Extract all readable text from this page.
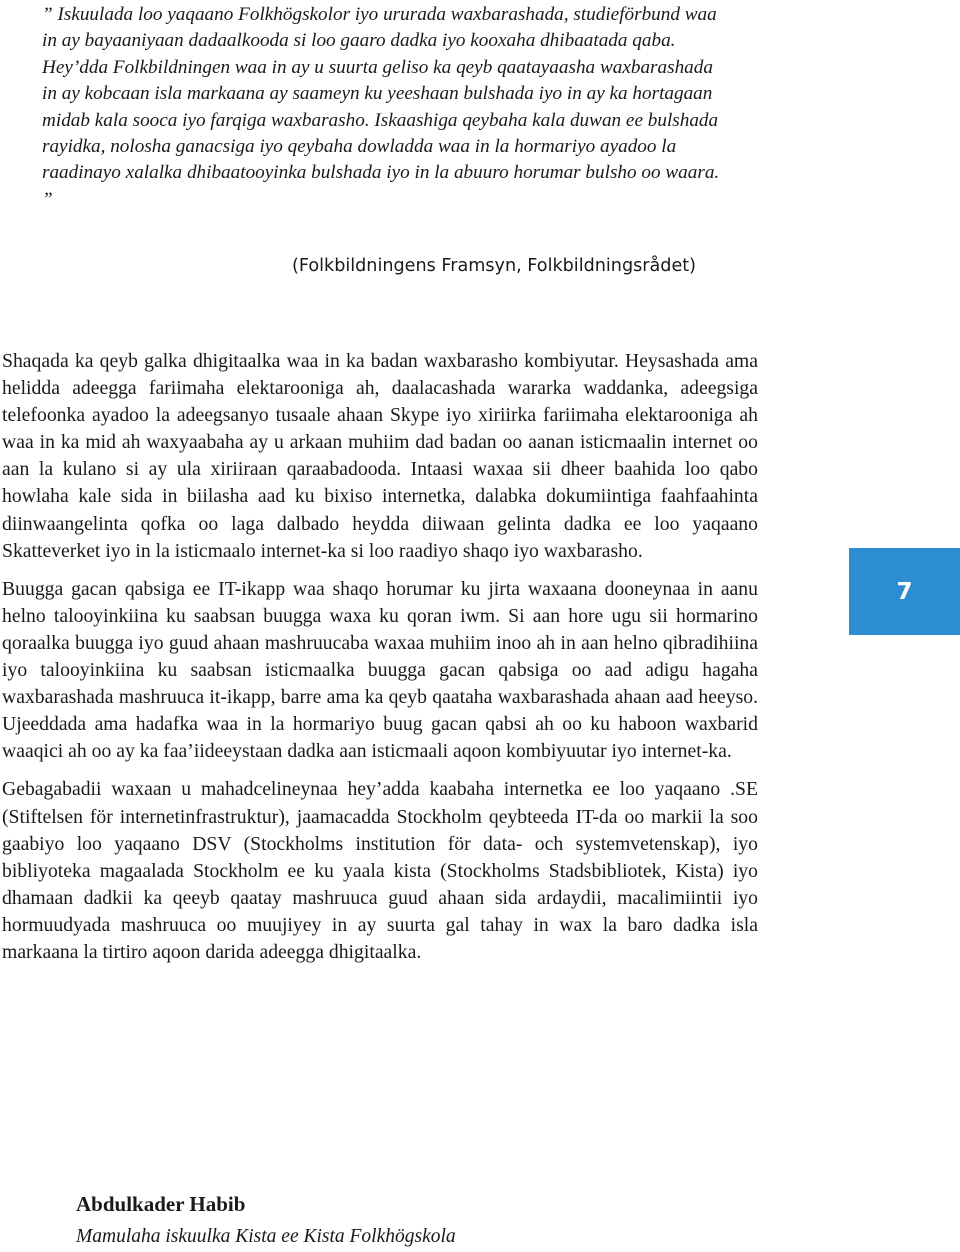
” Iskuulada loo yaqaano Folkhögskolor iyo ururada waxbarashada, studieförbund waa in ay bayaaniyaan dadaalkooda si loo gaaro dadka iyo kooxaha dhibaatada qaba. Hey’dda Folkbildningen waa in ay u suurta geliso ka qeyb qaatayaasha waxbarashada in ay kobcaan isla markaana ay saameyn ku yeeshaan bulshada iyo in ay ka hortagaan midab kala sooca iyo farqiga waxbarasho. Iskaashiga qeybaha kala duwan ee bulshada rayidka, nolosha ganacsiga iyo qeybaha dowladda waa in la hormariyo ayadoo la raadinayo xalalka dhibaatooyinka bulshada iyo in la abuuro horumar bulsho oo waara. ”

(Folkbildningens Framsyn, Folkbildningsrådet)

Shaqada ka qeyb galka dhigitaalka waa in ka badan waxbarasho kombiyutar. Heysashada ama helidda adeegga fariimaha elektarooniga ah, daalacashada wararka waddanka, adeegsiga telefoonka ayadoo la adeegsanyo tusaale ahaan Skype iyo xiriirka fariimaha elektarooniga ah waa in ka mid ah waxyaabaha ay u arkaan muhiim dad badan oo aanan isticmaalin internet oo aan la kulano si ay ula xiriiraan qaraabadooda. Intaasi waxaa sii dheer baahida loo qabo howlaha kale sida in biilasha aad ku bixiso internetka, dalabka dokumiintiga faahfaahinta diinwaangelinta qofka oo laga dalbado heydda diiwaan gelinta dadka ee loo yaqaano Skatteverket iyo in la isticmaalo internet-ka si loo raadiyo shaqo iyo waxbarasho.

Buugga gacan qabsiga ee IT-ikapp waa shaqo horumar ku jirta waxaana dooneynaa in aanu helno talooyinkiina ku saabsan buugga waxa ku qoran iwm. Si aan hore ugu sii hormarino qoraalka buugga iyo guud ahaan mashruucaba waxaa muhiim inoo ah in aan helno qibradihiina iyo talooyinkiina ku saabsan isticmaalka buugga gacan qabsiga oo aad adigu hagaha waxbarashada mashruuca it-ikapp, barre ama ka qeyb qaataha waxbarashada ahaan aad heeyso. Ujeeddada ama hadafka waa in la hormariyo buug gacan qabsi ah oo ku haboon waxbarid waaqici ah oo ay ka faa’iideeystaan dadka aan isticmaali aqoon kombiyuutar iyo internet-ka.

Gebagabadii waxaan u mahadcelineynaa hey’adda kaabaha internetka ee loo yaqaano .SE (Stiftelsen för internetinfrastruktur), jaamacadda Stockholm qeybteeda IT-da oo markii la soo gaabiyo loo yaqaano DSV (Stockholms institution för data- och systemvetenskap), iyo bibliyoteka magaalada Stockholm ee ku yaala kista (Stockholms Stadsbibliotek, Kista) iyo dhamaan dadkii ka qeeyb qaatay mashruuca guud ahaan sida ardaydii, macalimiintii iyo hormuudyada mashruuca oo muujiyey in ay suurta gal tahay in wax la baro dadka isla markaana la tirtiro aqoon darida adeegga dhigitaalka.

7
Abdulkader Habib
Mamulaha iskuulka Kista ee Kista Folkhögskola
